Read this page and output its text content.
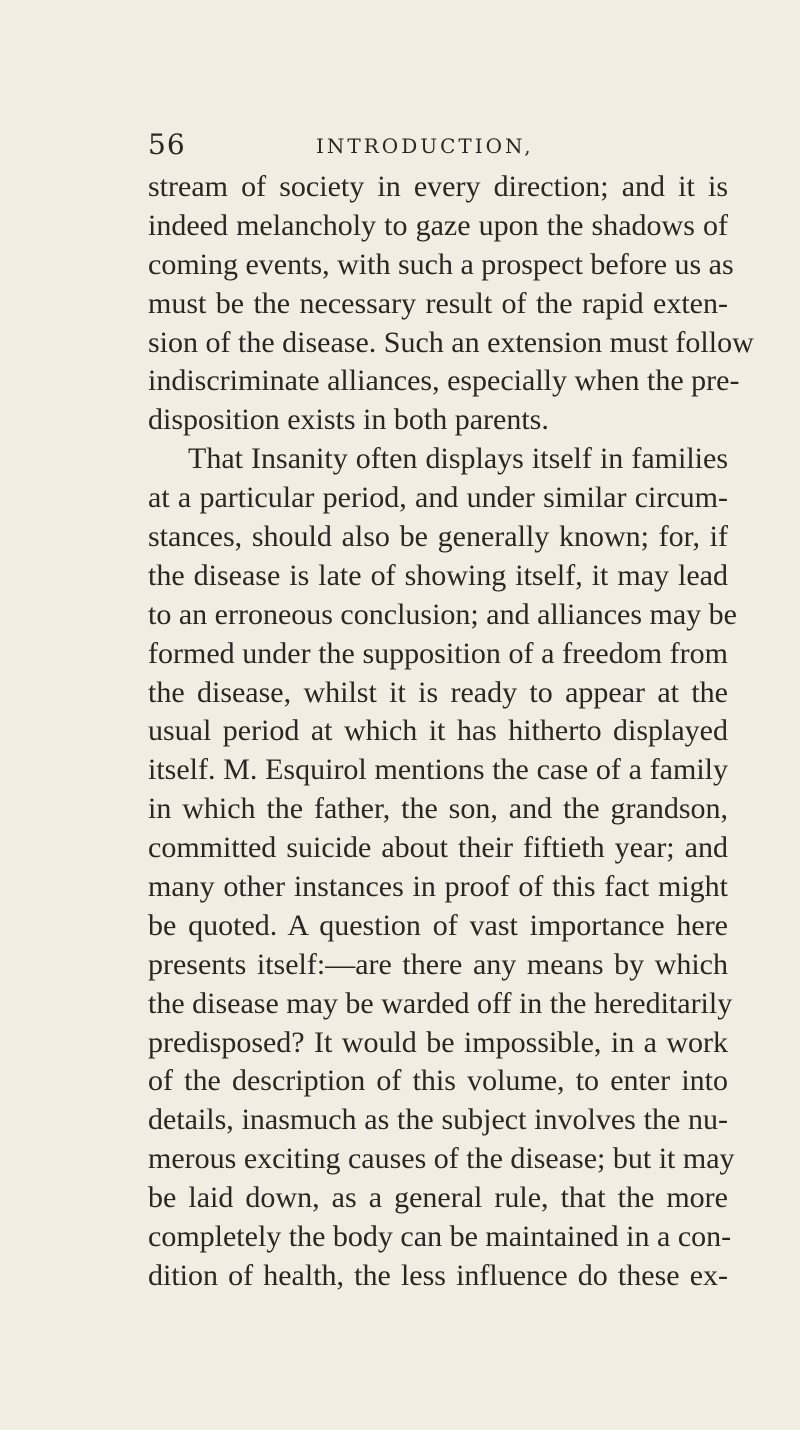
56	INTRODUCTION,
stream of society in every direction; and it is
indeed melancholy to gaze upon the shadows of
coming events, with such a prospect before us as
must be the necessary result of the rapid exten-
sion of the disease. Such an extension must follow
indiscriminate alliances, especially when the pre-
disposition exists in both parents.
That Insanity often displays itself in families
at a particular period, and under similar circum-
stances, should also be generally known; for, if
the disease is late of showing itself, it may lead
to an erroneous conclusion; and alliances may be
formed under the supposition of a freedom from
the disease, whilst it is ready to appear at the
usual period at which it has hitherto displayed
itself. M. Esquirol mentions the case of a family
in which the father, the son, and the grandson,
committed suicide about their fiftieth year; and
many other instances in proof of this fact might
be quoted. A question of vast importance here
presents itself:—are there any means by which
the disease may be warded off in the hereditarily
predisposed? It would be impossible, in a work
of the description of this volume, to enter into
details, inasmuch as the subject involves the nu-
merous exciting causes of the disease; but it may
be laid down, as a general rule, that the more
completely the body can be maintained in a con-
dition of health, the less influence do these ex-
